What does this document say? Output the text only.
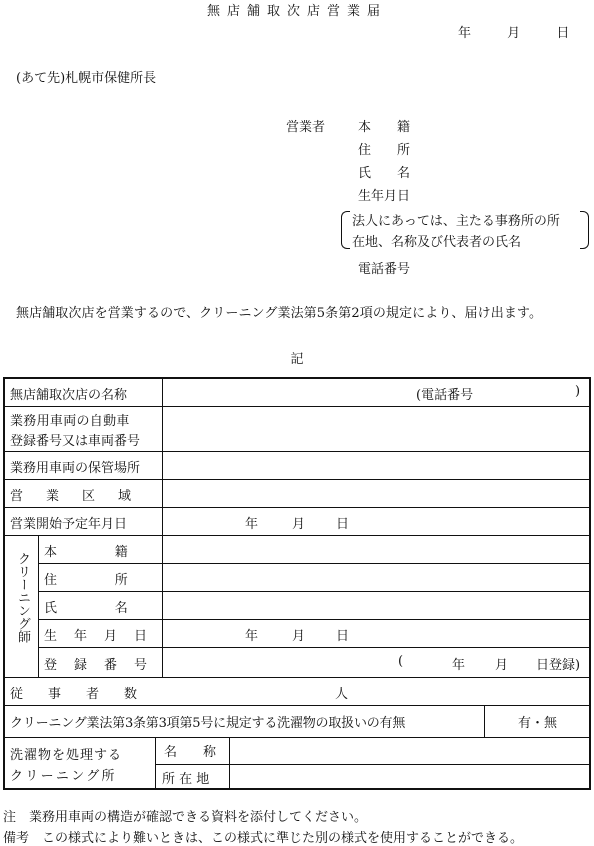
無店舗取次店営業届
年	月	日
(あて先)札幌市保健所長
営業者	本　　籍
住　　所
氏　　名
生年月日
法人にあっては、主たる事務所の所
在地、名称及び代表者の氏名
電話番号
無店舗取次店を営業するので、クリーニング業法第5条第2項の規定により、届け出ます。
記
無店舗取次店の名称	(電話番号	)
業務用車両の自動車
登録番号又は車両番号
業務用車両の保管場所
営　業　区　域
営業開始予定年月日	年	月 日
クリーニング師 本　　　　　籍
住　　　　　所
氏　　　　　名
生　年　月　日	年	月 日
登　録　番　号	(	年 月 日登録)
従　事　者　数	人
クリーニング業法第3条第3項第5号に規定する洗濯物の取扱いの有無	有・無
洗濯物を処理する
クリーニング所
名　　称
所 在 地
注　業務用車両の構造が確認できる資料を添付してください。
備考　この様式により難いときは、この様式に準じた別の様式を使用することができる。
